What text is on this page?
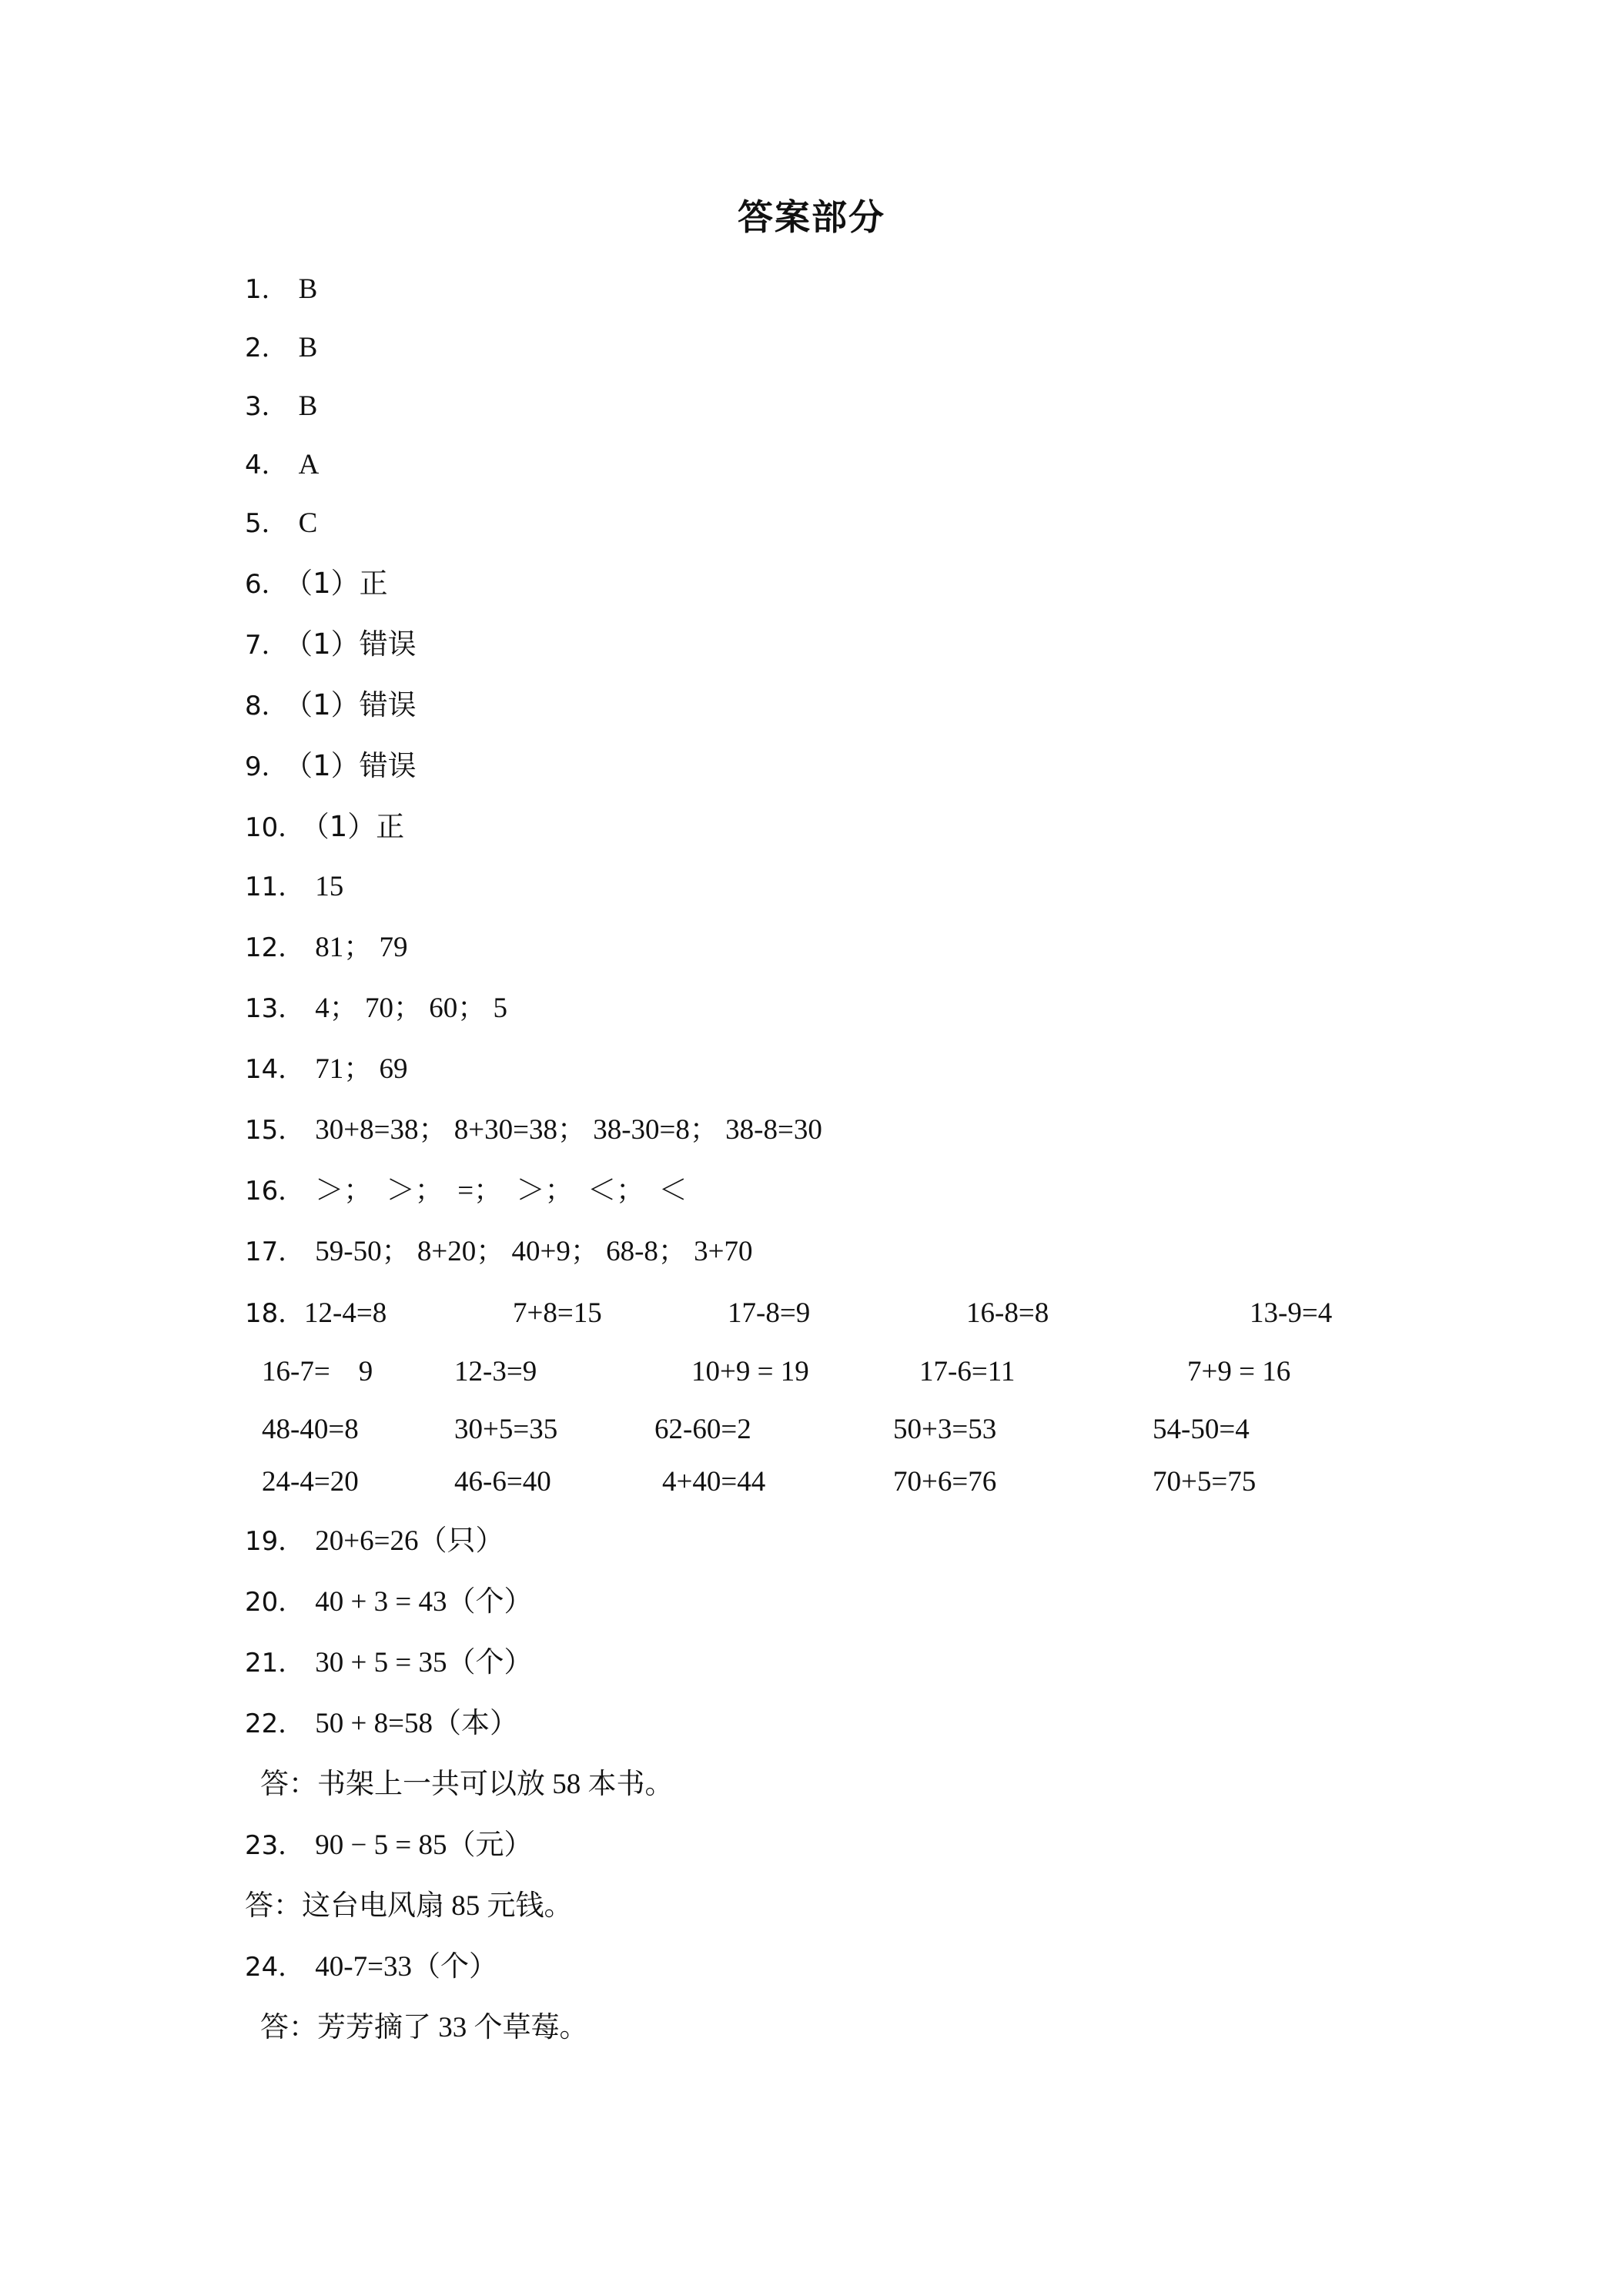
答案部分
1． B
2． B
3． B
4． A
5． C
6． （1）正
7． （1）错误
8． （1）错误
9． （1）错误
10． （1）正
11． 15
12． 81； 79
13． 4； 70； 60； 5
14． 71； 69
15． 30+8=38； 8+30=38； 38-30=8； 38-8=30
16． ＞；  ＞；  =；  ＞；  ＜；  ＜
17． 59-50； 8+20； 40+9； 68-8； 3+70
18． 12-4=8	7+8=15	17-8=9	16-8=8	13-9=4
16-7=    9	12-3=9	10+9 = 19	17-6=11	7+9 = 16
48-40=8	30+5=35	62-60=2	50+3=53	54-50=4
24-4=20	46-6=40	4+40=44	70+6=76	70+5=75
19． 20+6=26（只）
20． 40 + 3 = 43（个）
21． 30 + 5 = 35（个）
22． 50 + 8=58（本）
答：书架上一共可以放 58 本书。
23． 90 − 5 = 85（元）
答：这台电风扇 85 元钱。
24． 40-7=33（个）
答：芳芳摘了 33 个草莓。
